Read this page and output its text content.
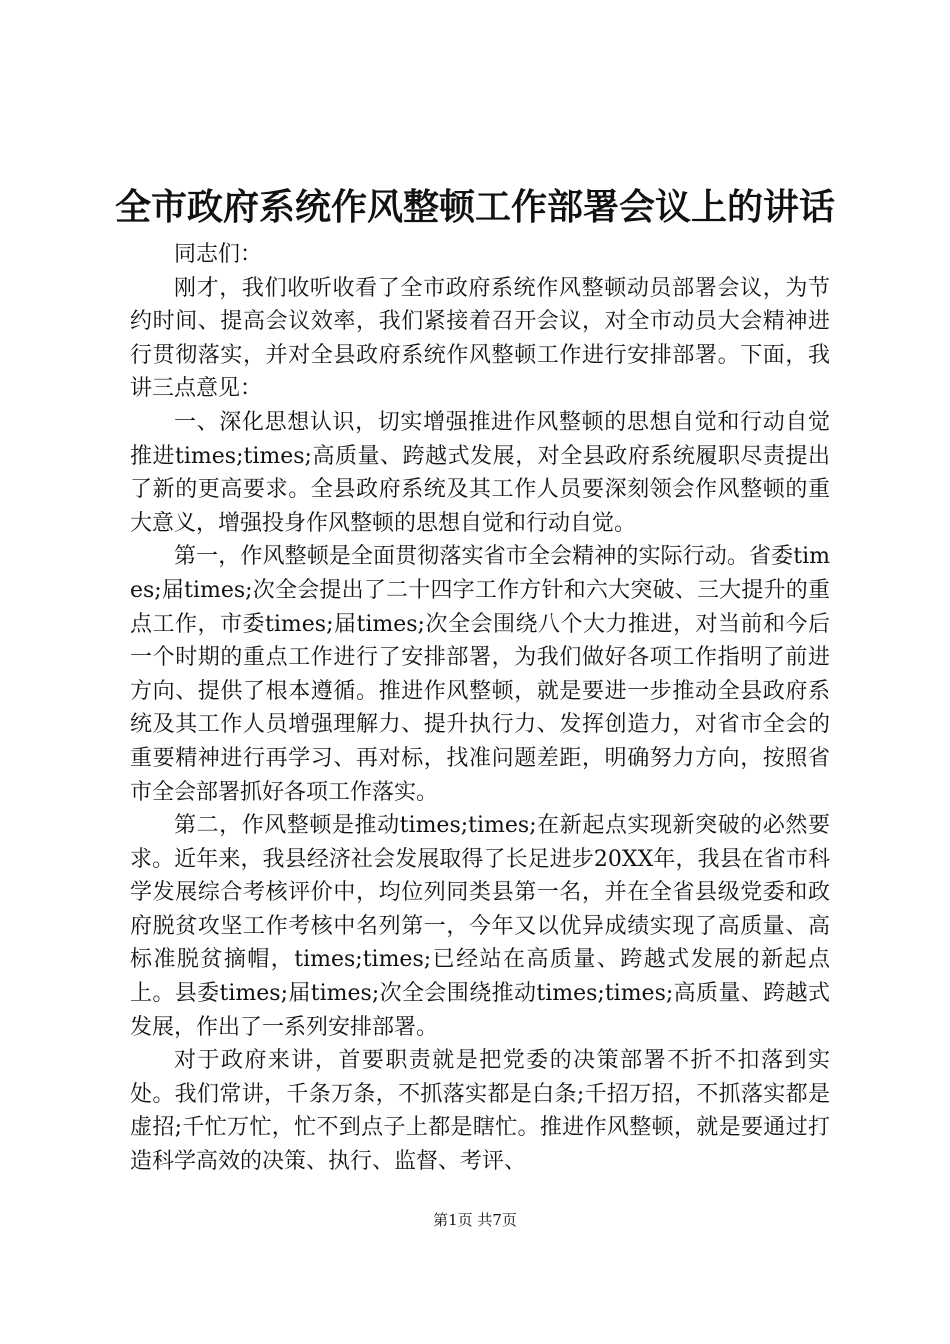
全市政府系统作风整顿工作部署会议上的讲话

同志们：

刚才，我们收听收看了全市政府系统作风整顿动员部署会议，为节约时间、提高会议效率，我们紧接着召开会议，对全市动员大会精神进行贯彻落实，并对全县政府系统作风整顿工作进行安排部署。下面，我讲三点意见：

一、深化思想认识，切实增强推进作风整顿的思想自觉和行动自觉推进times;times;高质量、跨越式发展，对全县政府系统履职尽责提出了新的更高要求。全县政府系统及其工作人员要深刻领会作风整顿的重大意义，增强投身作风整顿的思想自觉和行动自觉。

第一，作风整顿是全面贯彻落实省市全会精神的实际行动。省委times;届times;次全会提出了二十四字工作方针和六大突破、三大提升的重点工作，市委times;届times;次全会围绕八个大力推进，对当前和今后一个时期的重点工作进行了安排部署，为我们做好各项工作指明了前进方向、提供了根本遵循。推进作风整顿，就是要进一步推动全县政府系统及其工作人员增强理解力、提升执行力、发挥创造力，对省市全会的重要精神进行再学习、再对标，找准问题差距，明确努力方向，按照省市全会部署抓好各项工作落实。

第二，作风整顿是推动times;times;在新起点实现新突破的必然要求。近年来，我县经济社会发展取得了长足进步20XX年，我县在省市科学发展综合考核评价中，均位列同类县第一名，并在全省县级党委和政府脱贫攻坚工作考核中名列第一，今年又以优异成绩实现了高质量、高标准脱贫摘帽，times;times;已经站在高质量、跨越式发展的新起点上。县委times;届times;次全会围绕推动times;times;高质量、跨越式发展，作出了一系列安排部署。

对于政府来讲，首要职责就是把党委的决策部署不折不扣落到实处。我们常讲，千条万条，不抓落实都是白条;千招万招，不抓落实都是虚招;千忙万忙，忙不到点子上都是瞎忙。推进作风整顿，就是要通过打造科学高效的决策、执行、监督、考评、

第1页 共7页
